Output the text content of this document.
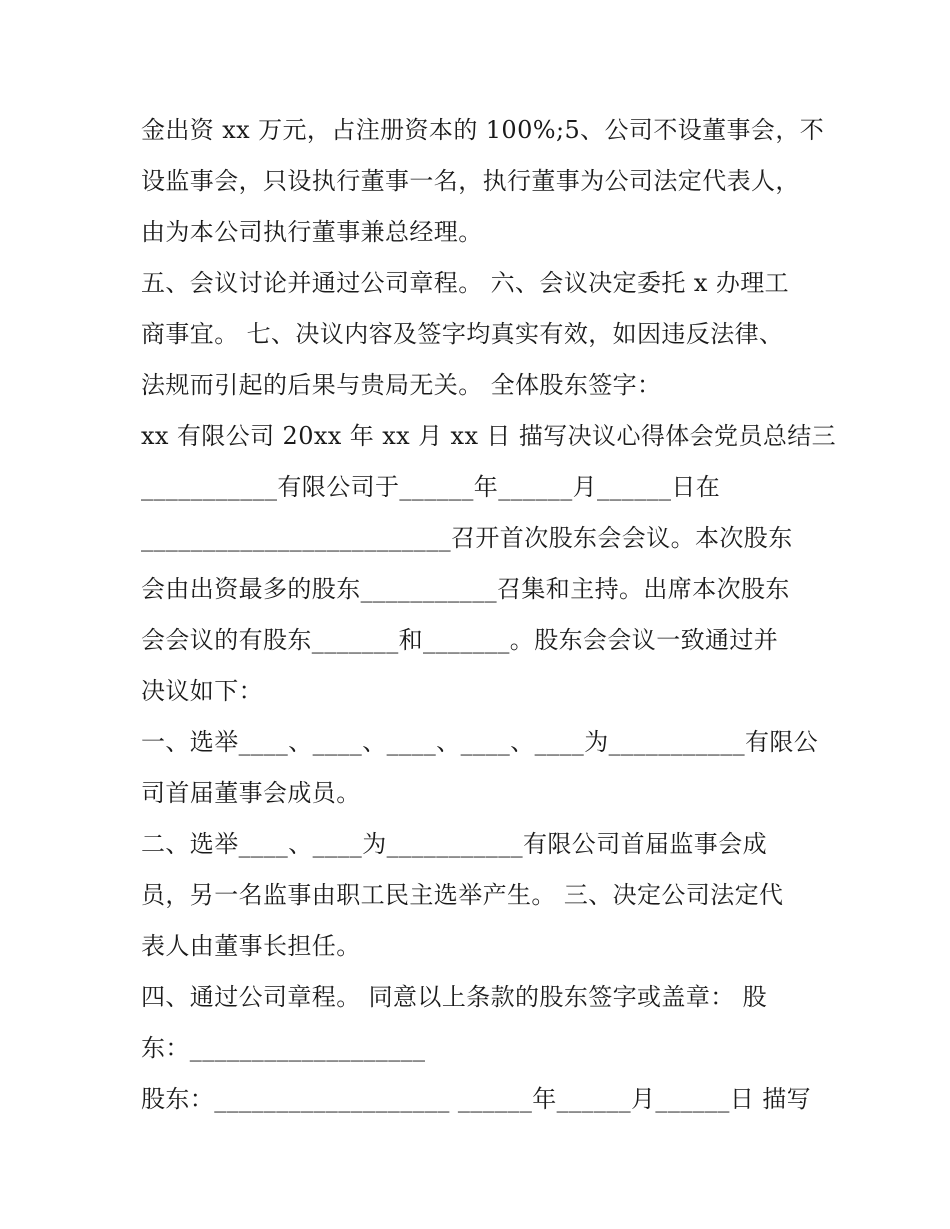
金出资 xx 万元，占注册资本的 100%;5、公司不设董事会，不
设监事会，只设执行董事一名，执行董事为公司法定代表人，
由为本公司执行董事兼总经理。
五、会议讨论并通过公司章程。 六、会议决定委托 x 办理工
商事宜。 七、决议内容及签字均真实有效，如因违反法律、
法规而引起的后果与贵局无关。 全体股东签字：
xx 有限公司 20xx 年 xx 月 xx 日 描写决议心得体会党员总结三
___________有限公司于______年______月______日在
_________________________召开首次股东会会议。本次股东
会由出资最多的股东___________召集和主持。出席本次股东
会会议的有股东_______和_______。股东会会议一致通过并
决议如下：
一、选举____、____、____、____、____为___________有限公
司首届董事会成员。
二、选举____、____为___________有限公司首届监事会成
员，另一名监事由职工民主选举产生。 三、决定公司法定代
表人由董事长担任。
四、通过公司章程。 同意以上条款的股东签字或盖章： 股
东：___________________
股东：___________________ ______年______月______日 描写
